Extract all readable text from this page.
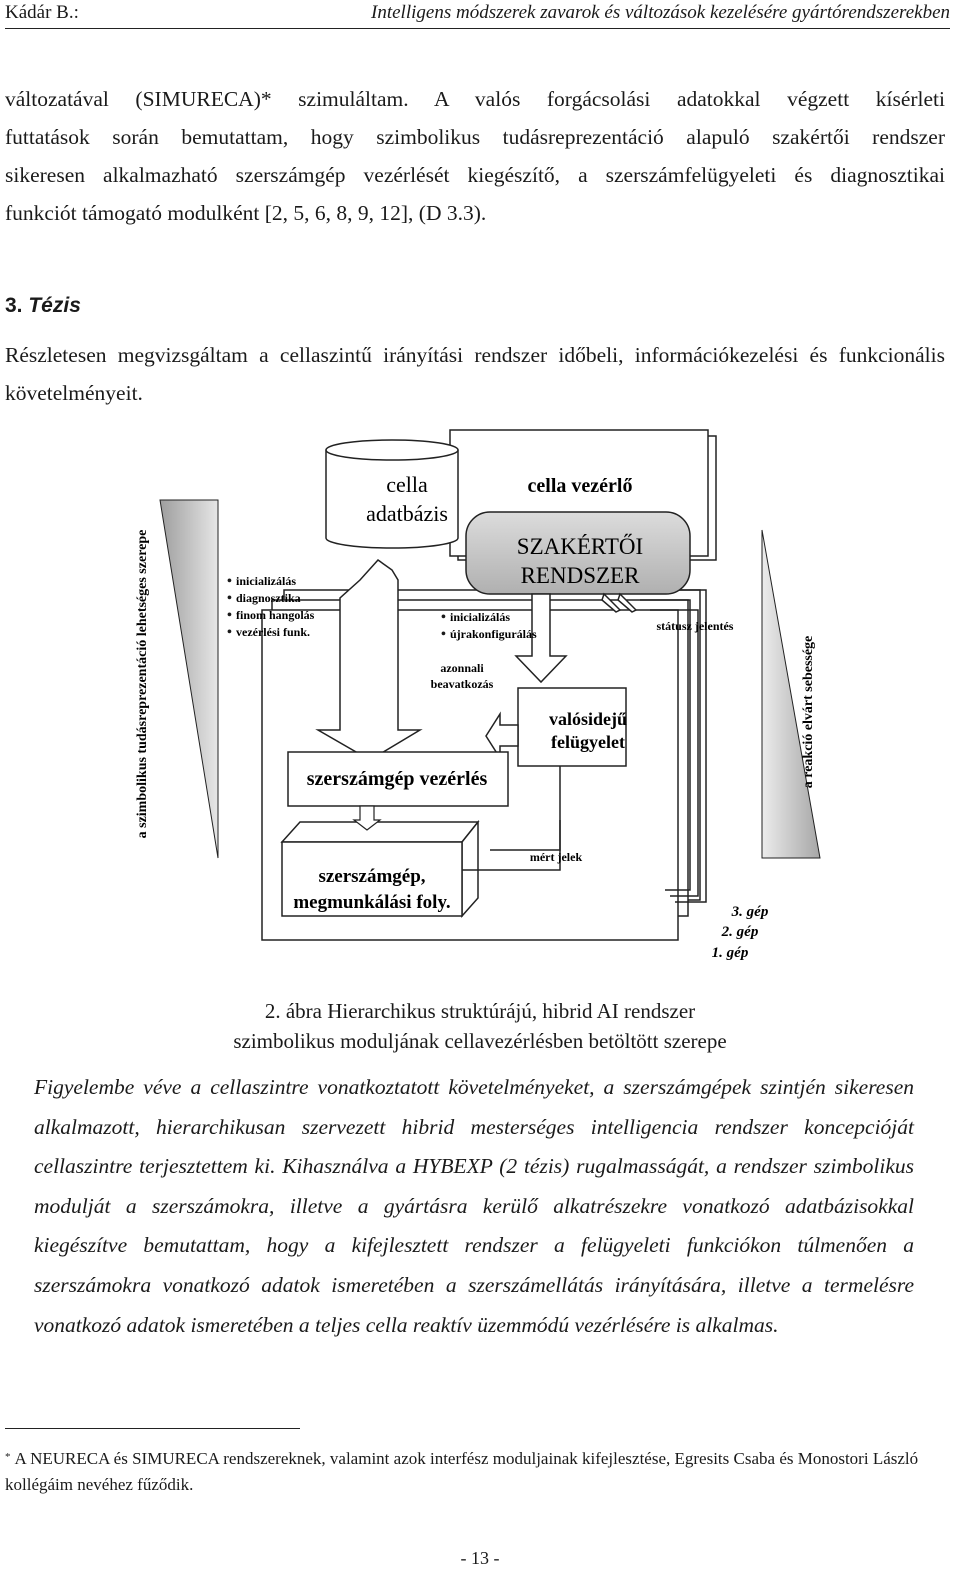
Kádár B.:	Intelligens módszerek zavarok és változások kezelésére gyártórendszerekben
változatával (SIMURECA)* szimuláltam. A valós forgácsolási adatokkal végzett kísérleti
futtatások során bemutattam, hogy szimbolikus tudásreprezentáció alapuló szakértői rendszer
sikeresen alkalmazható szerszámgép vezérlését kiegészítő, a szerszámfelügyeleti és diagnosztikai
funkciót támogató modulként [2, 5, 6, 8, 9, 12], (D 3.3).
3. Tézis

Részletesen megvizsgáltam a cellaszintű irányítási rendszer időbeli, információkezelési és funkcionális követelményeit.

a szimbolikus tudásreprezentáció lehetséges szerepe	a reakció elvárt sebessége
cella
adatbázis
cella vezérlő
SZAKÉRTŐI
RENDSZER
inicializálás
diagnosztika
finom hangolás
vezérlési funk.
inicializálás
újrakonfigurálás
•
•
•
•
•
•
státusz jelentés
azonnali
beavatkozás
valósidejű
felügyelet
szerszámgép vezérlés
szerszámgép,
megmunkálási foly.
mért jelek
3. gép
2. gép
1. gép
2. ábra Hierarchikus struktúrájú, hibrid AI rendszer
szimbolikus moduljának cellavezérlésben betöltött szerepe

Figyelembe véve a cellaszintre vonatkoztatott követelményeket, a szerszámgépek szintjén sikeresen alkalmazott, hierarchikusan szervezett hibrid mesterséges intelligencia rendszer koncepcióját cellaszintre terjesztettem ki. Kihasználva a HYBEXP (2 tézis) rugalmasságát, a rendszer szimbolikus modulját a szerszámokra, illetve a gyártásra kerülő alkatrészekre vonatkozó adatbázisokkal kiegészítve bemutattam, hogy a kifejlesztett rendszer a felügyeleti funkciókon túlmenően a szerszámokra vonatkozó adatok ismeretében a szerszámellátás irányítására, illetve a termelésre vonatkozó adatok ismeretében a teljes cella reaktív üzemmódú vezérlésére is alkalmas.

* A NEURECA és SIMURECA rendszereknek, valamint azok interfész moduljainak kifejlesztése, Egresits Csaba és Monostori László kollégáim nevéhez fűződik.
- 13 -
